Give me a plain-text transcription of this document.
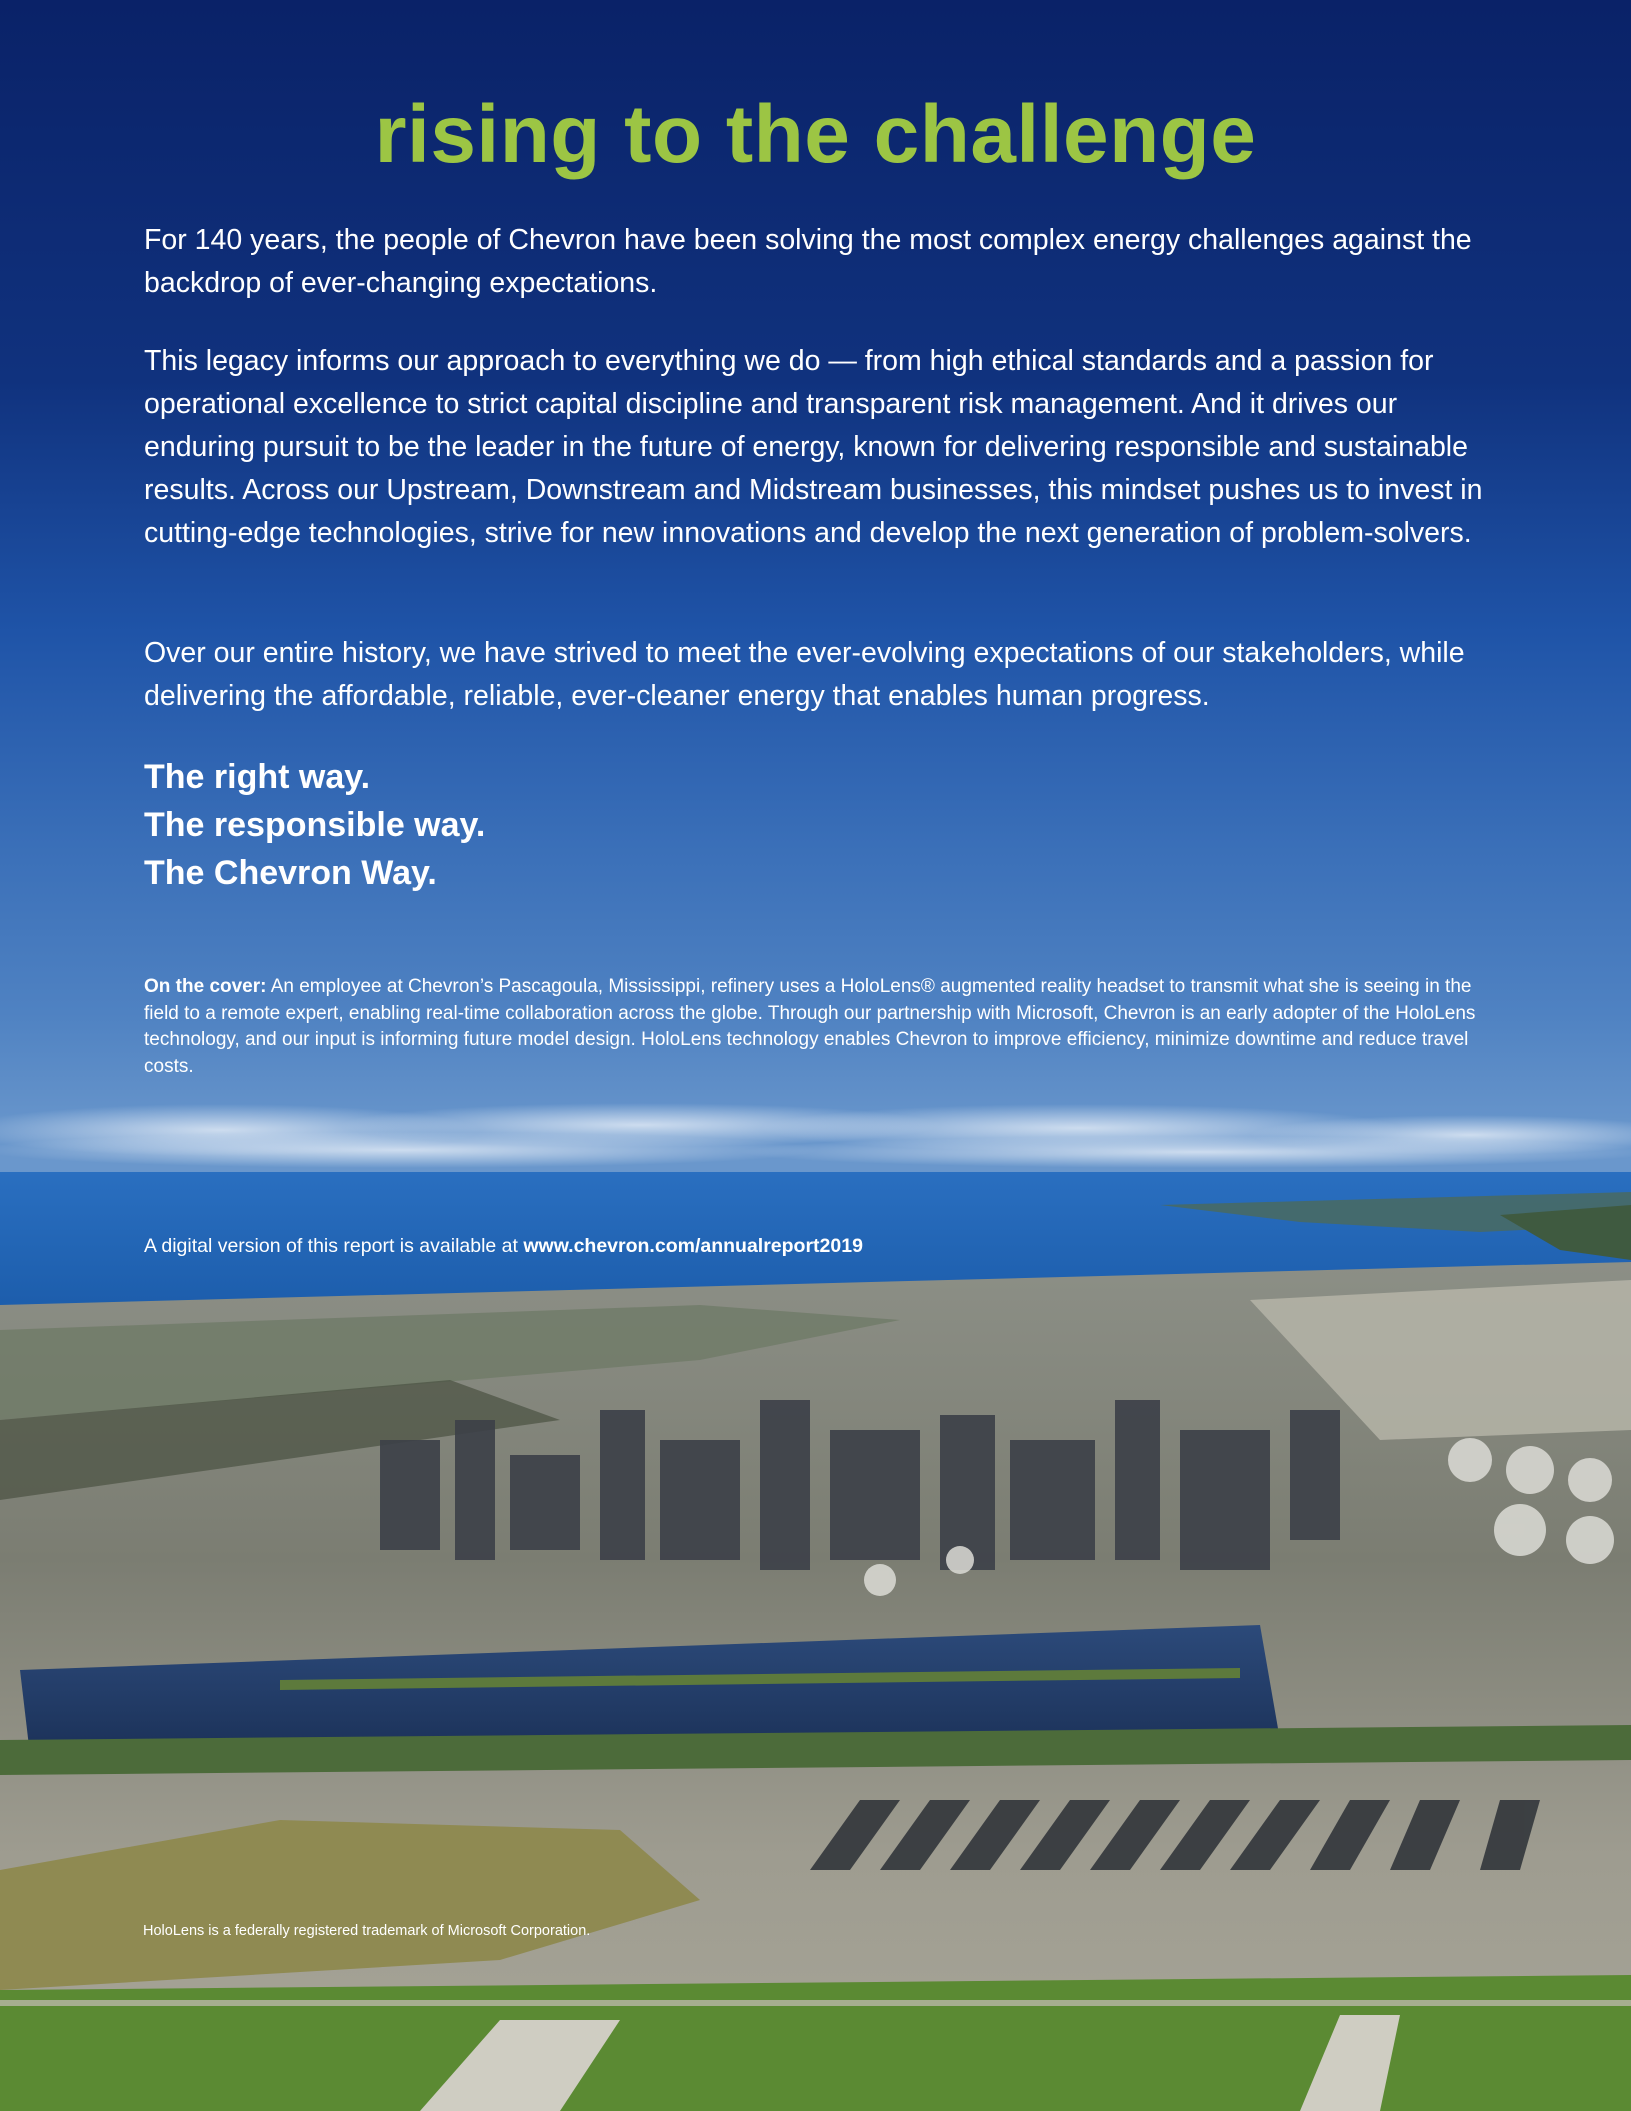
rising to the challenge

For 140 years, the people of Chevron have been solving the most complex energy challenges against the backdrop of ever-changing expectations.

This legacy informs our approach to everything we do — from high ethical standards and a passion for operational excellence to strict capital discipline and transparent risk management. And it drives our enduring pursuit to be the leader in the future of energy, known for delivering responsible and sustainable results. Across our Upstream, Downstream and Midstream businesses, this mindset pushes us to invest in cutting-edge technologies, strive for new innovations and develop the next generation of problem-solvers.

Over our entire history, we have strived to meet the ever-evolving expectations of our stakeholders, while delivering the affordable, reliable, ever-cleaner energy that enables human progress.

The right way.
The responsible way.
The Chevron Way.

On the cover: An employee at Chevron’s Pascagoula, Mississippi, refinery uses a HoloLens® augmented reality headset to transmit what she is seeing in the field to a remote expert, enabling real-time collaboration across the globe. Through our partnership with Microsoft, Chevron is an early adopter of the HoloLens technology, and our input is informing future model design. HoloLens technology enables Chevron to improve efficiency, minimize downtime and reduce travel costs.

A digital version of this report is available at www.chevron.com/annualreport2019

HoloLens is a federally registered trademark of Microsoft Corporation.
